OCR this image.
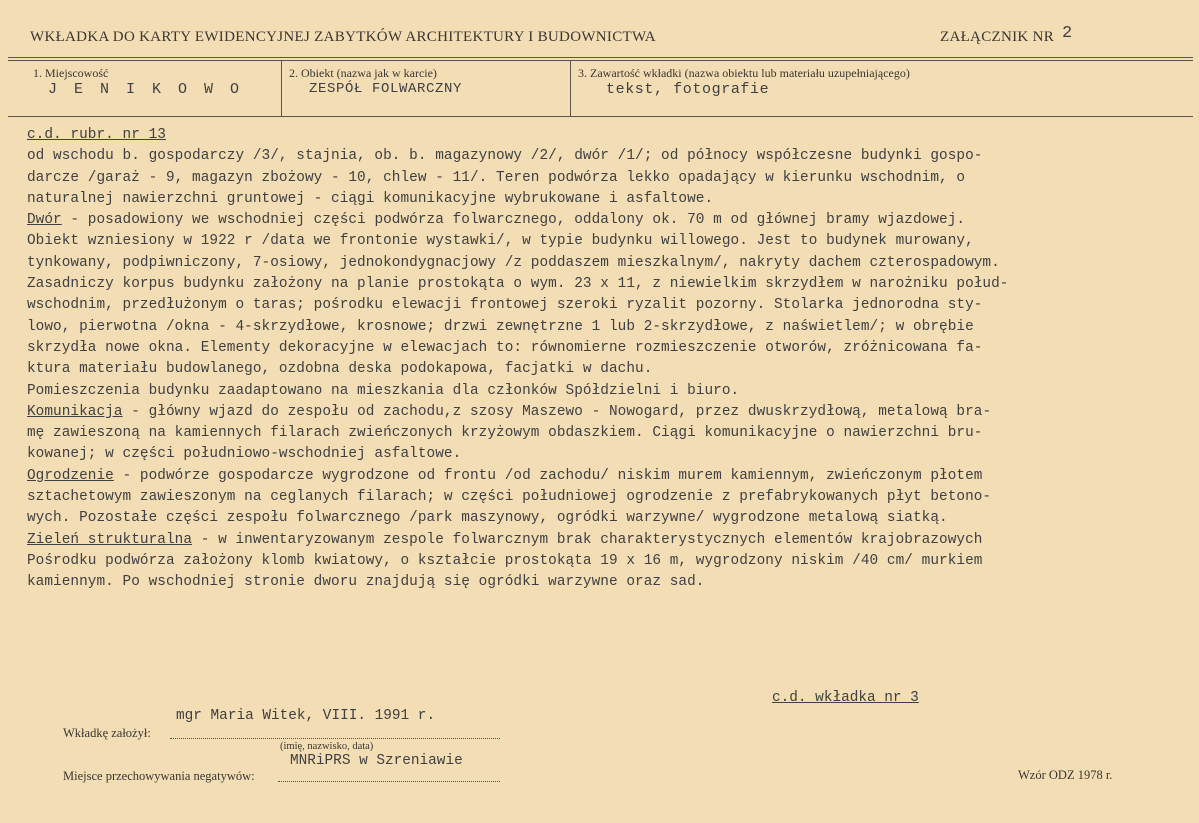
WKŁADKA DO KARTY EWIDENCYJNEJ ZABYTKÓW ARCHITEKTURY I BUDOWNICTWA	ZAŁĄCZNIK NR 2
1. Miejscowość
J E N I K O W O
2. Obiekt (nazwa jak w karcie)
ZESPÓŁ FOLWARCZNY
3. Zawartość wkładki (nazwa obiektu lub materiału uzupełniającego)
tekst, fotografie
c.d. rubr. nr 13
od wschodu b. gospodarczy /3/, stajnia, ob. b. magazynowy /2/, dwór /1/; od północy współczesne budynki gospo-
darcze /garaż - 9, magazyn zbożowy - 10, chlew - 11/. Teren podwórza lekko opadający w kierunku wschodnim, o
naturalnej nawierzchni gruntowej - ciągi komunikacyjne wybrukowane i asfaltowe.
Dwór - posadowiony we wschodniej części podwórza folwarcznego, oddalony ok. 70 m od głównej bramy wjazdowej.
Obiekt wzniesiony w 1922 r /data we frontonie wystawki/, w typie budynku willowego. Jest to budynek murowany,
tynkowany, podpiwniczony, 7-osiowy, jednokondygnacjowy /z poddaszem mieszkalnym/, nakryty dachem czterospadowym.
Zasadniczy korpus budynku założony na planie prostokąta o wym. 23 x 11, z niewielkim skrzydłem w narożniku połud-
wschodnim, przedłużonym o taras; pośrodku elewacji frontowej szeroki ryzalit pozorny. Stolarka jednorodna sty-
lowo, pierwotna /okna - 4-skrzydłowe, krosnowe; drzwi zewnętrzne 1 lub 2-skrzydłowe, z naświetlem/; w obrębie
skrzydła nowe okna. Elementy dekoracyjne w elewacjach to: równomierne rozmieszczenie otworów, zróżnicowana fa-
ktura materiału budowlanego, ozdobna deska podokapowa, facjatki w dachu.
Pomieszczenia budynku zaadaptowano na mieszkania dla członków Spółdzielni i biuro.
Komunikacja - główny wjazd do zespołu od zachodu,z szosy Maszewo - Nowogard, przez dwuskrzydłową, metalową bra-
mę zawieszoną na kamiennych filarach zwieńczonych krzyżowym obdaszkiem. Ciągi komunikacyjne o nawierzchni bru-
kowanej; w części południowo-wschodniej asfaltowe.
Ogrodzenie - podwórze gospodarcze wygrodzone od frontu /od zachodu/ niskim murem kamiennym, zwieńczonym płotem
sztachetowym zawieszonym na ceglanych filarach; w części południowej ogrodzenie z prefabrykowanych płyt betono-
wych. Pozostałe części zespołu folwarcznego /park maszynowy, ogródki warzywne/ wygrodzone metalową siatką.
Zieleń strukturalna - w inwentaryzowanym zespole folwarcznym brak charakterystycznych elementów krajobrazowych
Pośrodku podwórza założony klomb kwiatowy, o kształcie prostokąta 19 x 16 m, wygrodzony niskim /40 cm/ murkiem
kamiennym. Po wschodniej stronie dworu znajdują się ogródki warzywne oraz sad.
c.d. wkładka nr 3
mgr Maria Witek, VIII. 1991 r.
Wkładkę założył:
(imię, nazwisko, data)
MNRiPRS w Szreniawie
Miejsce przechowywania negatywów:	Wzór ODZ 1978 r.
